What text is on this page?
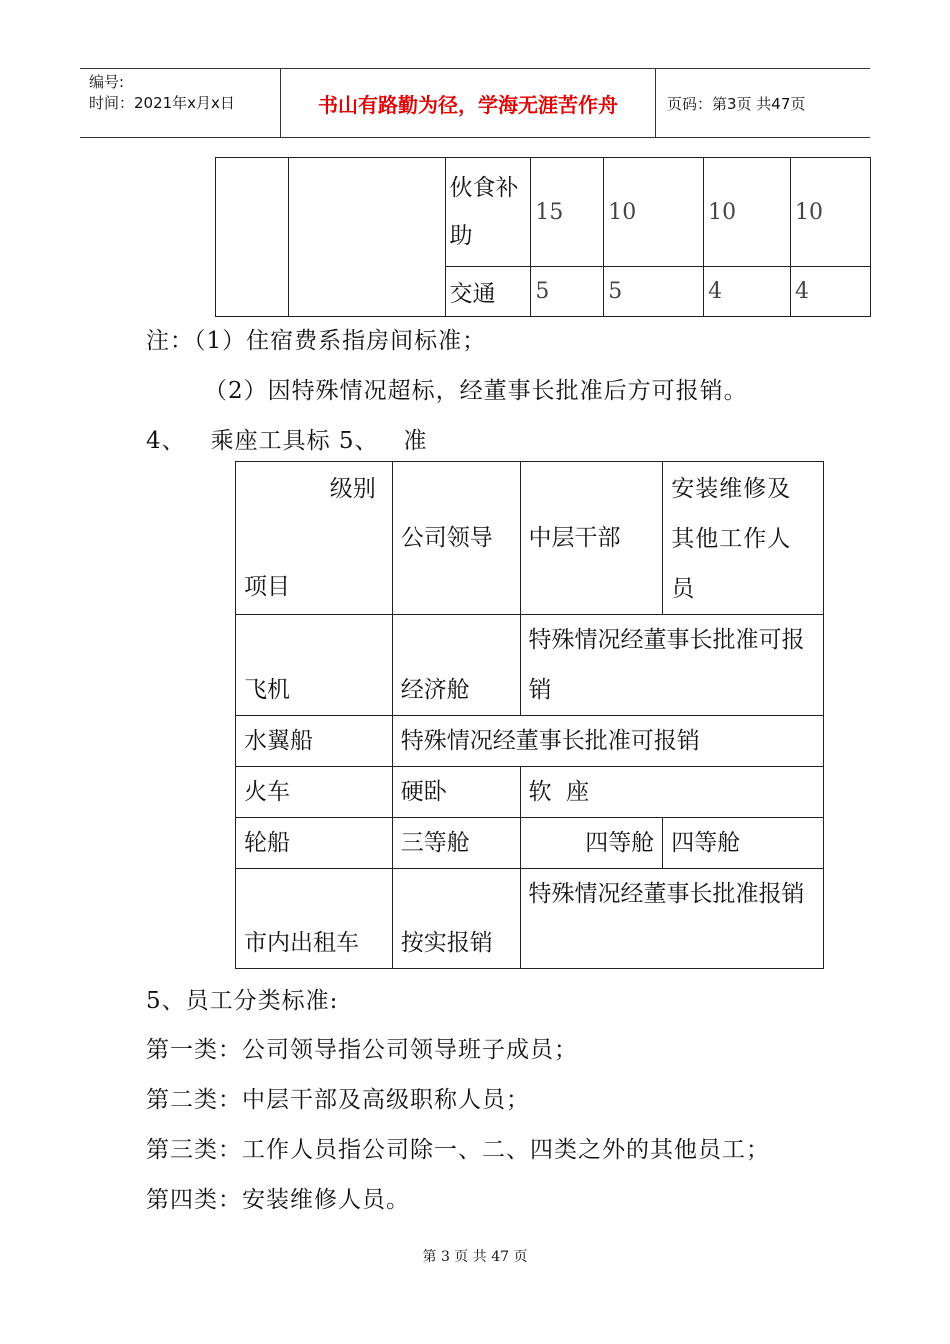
编号:
时间：2021年x月x日	书山有路勤为径，学海无涯苦作舟	页码：第3页 共47页
		伙食补助	15	10	10	10
		交通	5	5	4	4
注：（1）住宿费系指房间标准；
（2）因特殊情况超标，经董事长批准后方可报销。
4、   乘座工具标 5、   准
级别
项目	公司领导	中层干部	安装维修及其他工作人员
飞机	经济舱	特殊情况经董事长批准可报销	
水翼船	特殊情况经董事长批准可报销		
火车	硬卧	软  座	
轮船	三等舱	四等舱	四等舱
市内出租车	按实报销	特殊情况经董事长批准报销	
5、员工分类标准:
第一类：公司领导指公司领导班子成员；
第二类：中层干部及高级职称人员；
第三类：工作人员指公司除一、二、四类之外的其他员工；
第四类：安装维修人员。
第 3 页 共 47 页
